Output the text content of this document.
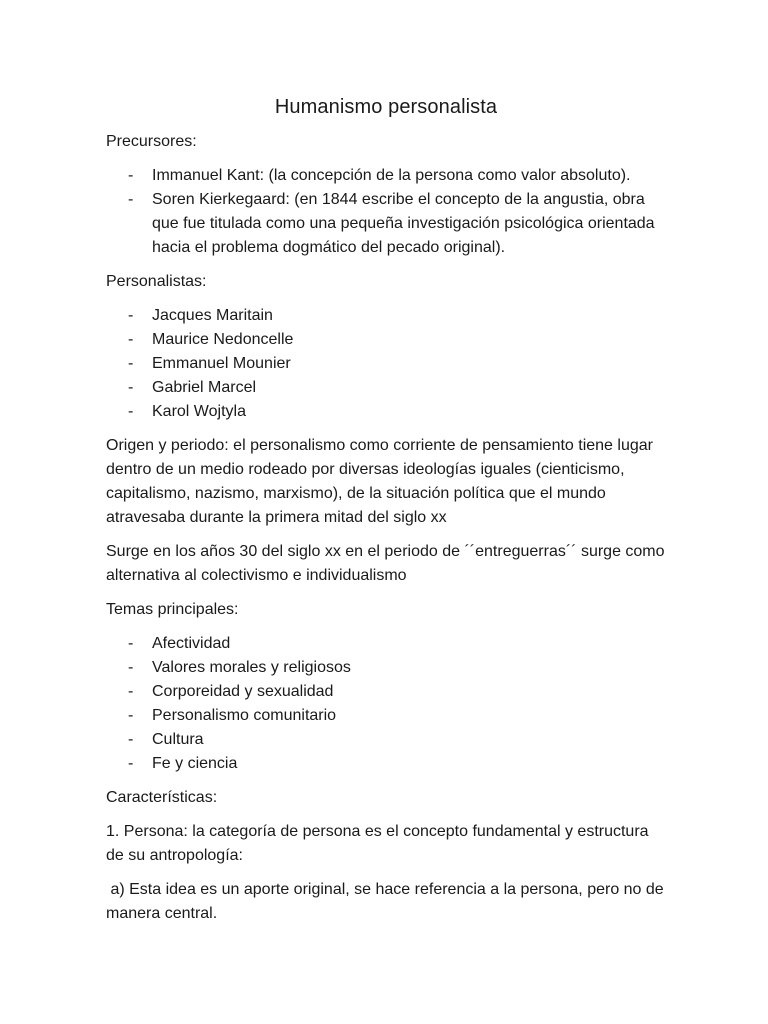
Humanismo personalista

Precursores:

- Immanuel Kant: (la concepción de la persona como valor absoluto).
- Soren Kierkegaard: (en 1844 escribe el concepto de la angustia, obra que fue titulada como una pequeña investigación psicológica orientada hacia el problema dogmático del pecado original).

Personalistas:

- Jacques Maritain
- Maurice Nedoncelle
- Emmanuel Mounier
- Gabriel Marcel
- Karol Wojtyla

Origen y periodo: el personalismo como corriente de pensamiento tiene lugar dentro de un medio rodeado por diversas ideologías iguales (cienticismo, capitalismo, nazismo, marxismo), de la situación política que el mundo atravesaba durante la primera mitad del siglo xx

Surge en los años 30 del siglo xx en el periodo de ´´entreguerras´´ surge como alternativa al colectivismo e individualismo

Temas principales:

- Afectividad
- Valores morales y religiosos
- Corporeidad y sexualidad
- Personalismo comunitario
- Cultura
- Fe y ciencia

Características:

1. Persona: la categoría de persona es el concepto fundamental y estructura de su antropología:

a) Esta idea es un aporte original, se hace referencia a la persona, pero no de manera central.
